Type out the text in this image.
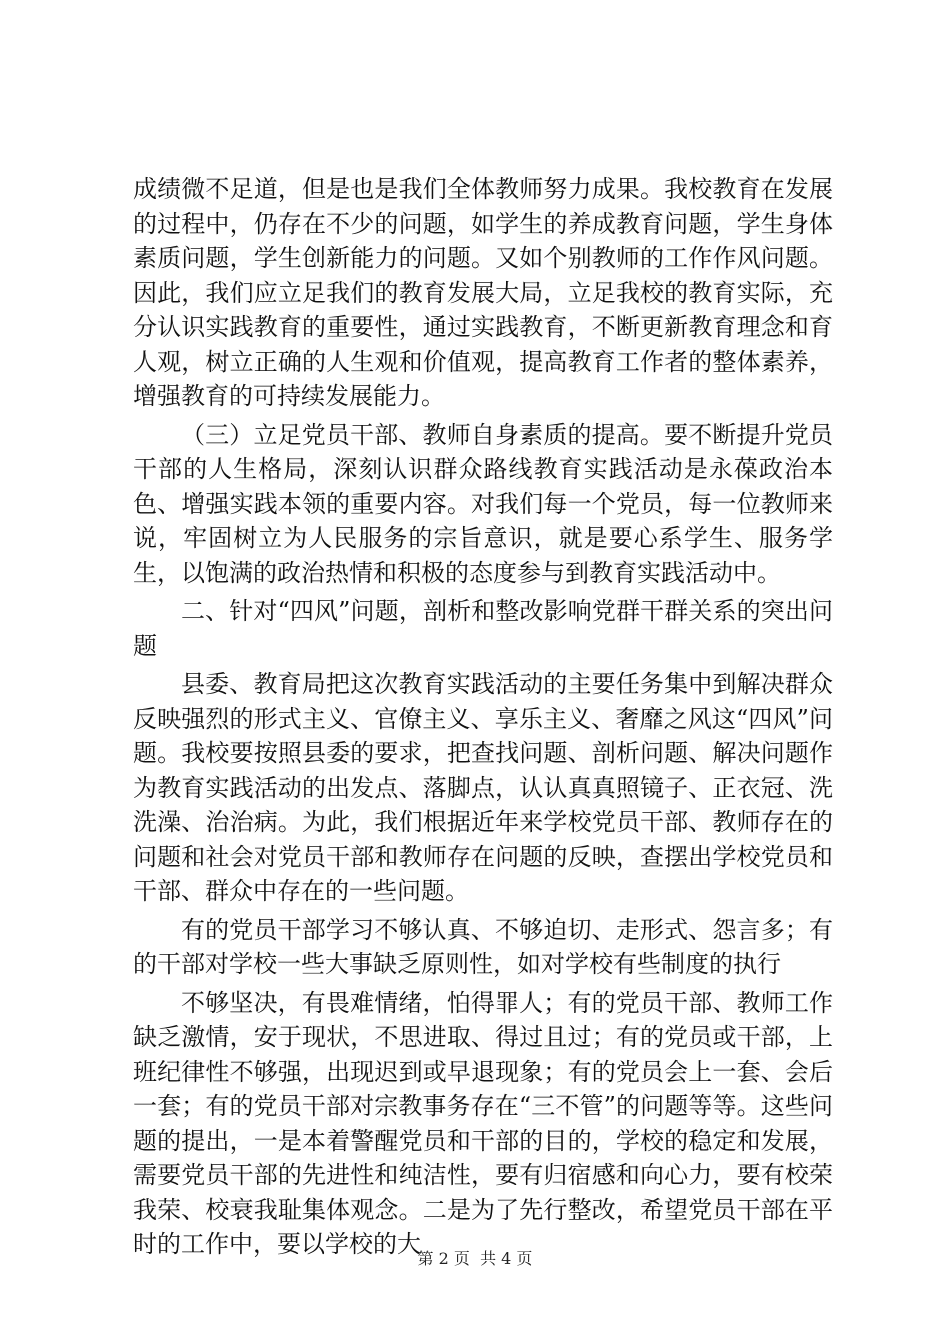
成绩微不足道，但是也是我们全体教师努力成果。我校教育在发展的过程中，仍存在不少的问题，如学生的养成教育问题，学生身体素质问题，学生创新能力的问题。又如个别教师的工作作风问题。因此，我们应立足我们的教育发展大局，立足我校的教育实际，充分认识实践教育的重要性，通过实践教育，不断更新教育理念和育人观，树立正确的人生观和价值观，提高教育工作者的整体素养，增强教育的可持续发展能力。

（三）立足党员干部、教师自身素质的提高。要不断提升党员干部的人生格局，深刻认识群众路线教育实践活动是永葆政治本色、增强实践本领的重要内容。对我们每一个党员，每一位教师来说，牢固树立为人民服务的宗旨意识，就是要心系学生、服务学生，以饱满的政治热情和积极的态度参与到教育实践活动中。

二、针对“四风”问题，剖析和整改影响党群干群关系的突出问题

县委、教育局把这次教育实践活动的主要任务集中到解决群众反映强烈的形式主义、官僚主义、享乐主义、奢靡之风这“四风”问题。我校要按照县委的要求，把查找问题、剖析问题、解决问题作为教育实践活动的出发点、落脚点，认认真真照镜子、正衣冠、洗洗澡、治治病。为此，我们根据近年来学校党员干部、教师存在的问题和社会对党员干部和教师存在问题的反映，查摆出学校党员和干部、群众中存在的一些问题。

有的党员干部学习不够认真、不够迫切、走形式、怨言多；有的干部对学校一些大事缺乏原则性，如对学校有些制度的执行

不够坚决，有畏难情绪，怕得罪人；有的党员干部、教师工作缺乏激情，安于现状，不思进取、得过且过；有的党员或干部，上班纪律性不够强，出现迟到或早退现象；有的党员会上一套、会后一套；有的党员干部对宗教事务存在“三不管”的问题等等。这些问题的提出，一是本着警醒党员和干部的目的，学校的稳定和发展，需要党员干部的先进性和纯洁性，要有归宿感和向心力，要有校荣我荣、校衰我耻集体观念。二是为了先行整改，希望党员干部在平时的工作中，要以学校的大

第 2 页  共 4 页
